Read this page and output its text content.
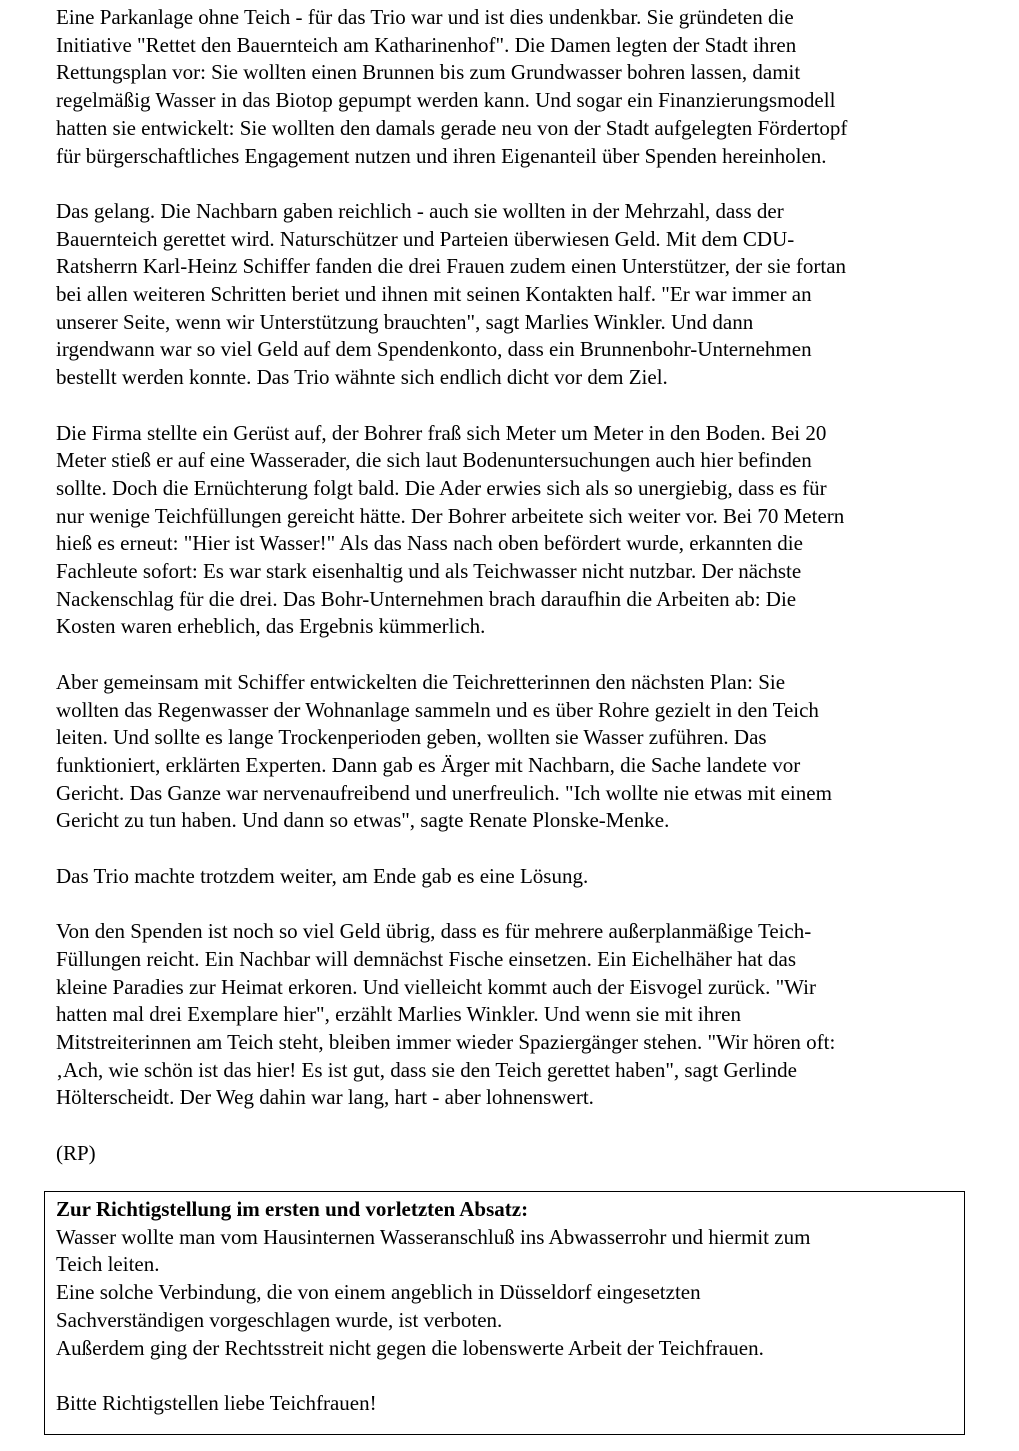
Eine Parkanlage ohne Teich - für das Trio war und ist dies undenkbar. Sie gründeten die
Initiative "Rettet den Bauernteich am Katharinenhof". Die Damen legten der Stadt ihren
Rettungsplan vor: Sie wollten einen Brunnen bis zum Grundwasser bohren lassen, damit
regelmäßig Wasser in das Biotop gepumpt werden kann. Und sogar ein Finanzierungsmodell
hatten sie entwickelt: Sie wollten den damals gerade neu von der Stadt aufgelegten Fördertopf
für bürgerschaftliches Engagement nutzen und ihren Eigenanteil über Spenden hereinholen.

Das gelang. Die Nachbarn gaben reichlich - auch sie wollten in der Mehrzahl, dass der
Bauernteich gerettet wird. Naturschützer und Parteien überwiesen Geld. Mit dem CDU-
Ratsherrn Karl-Heinz Schiffer fanden die drei Frauen zudem einen Unterstützer, der sie fortan
bei allen weiteren Schritten beriet und ihnen mit seinen Kontakten half. "Er war immer an
unserer Seite, wenn wir Unterstützung brauchten", sagt Marlies Winkler. Und dann
irgendwann war so viel Geld auf dem Spendenkonto, dass ein Brunnenbohr-Unternehmen
bestellt werden konnte. Das Trio wähnte sich endlich dicht vor dem Ziel.

Die Firma stellte ein Gerüst auf, der Bohrer fraß sich Meter um Meter in den Boden. Bei 20
Meter stieß er auf eine Wasserader, die sich laut Bodenuntersuchungen auch hier befinden
sollte. Doch die Ernüchterung folgt bald. Die Ader erwies sich als so unergiebig, dass es für
nur wenige Teichfüllungen gereicht hätte. Der Bohrer arbeitete sich weiter vor. Bei 70 Metern
hieß es erneut: "Hier ist Wasser!" Als das Nass nach oben befördert wurde, erkannten die
Fachleute sofort: Es war stark eisenhaltig und als Teichwasser nicht nutzbar. Der nächste
Nackenschlag für die drei. Das Bohr-Unternehmen brach daraufhin die Arbeiten ab: Die
Kosten waren erheblich, das Ergebnis kümmerlich.

Aber gemeinsam mit Schiffer entwickelten die Teichretterinnen den nächsten Plan: Sie
wollten das Regenwasser der Wohnanlage sammeln und es über Rohre gezielt in den Teich
leiten. Und sollte es lange Trockenperioden geben, wollten sie Wasser zuführen. Das
funktioniert, erklärten Experten. Dann gab es Ärger mit Nachbarn, die Sache landete vor
Gericht. Das Ganze war nervenaufreibend und unerfreulich. "Ich wollte nie etwas mit einem
Gericht zu tun haben. Und dann so etwas", sagte Renate Plonske-Menke.

Das Trio machte trotzdem weiter, am Ende gab es eine Lösung.

Von den Spenden ist noch so viel Geld übrig, dass es für mehrere außerplanmäßige Teich-
Füllungen reicht. Ein Nachbar will demnächst Fische einsetzen. Ein Eichelhäher hat das
kleine Paradies zur Heimat erkoren. Und vielleicht kommt auch der Eisvogel zurück. "Wir
hatten mal drei Exemplare hier", erzählt Marlies Winkler. Und wenn sie mit ihren
Mitstreiterinnen am Teich steht, bleiben immer wieder Spaziergänger stehen. "Wir hören oft:
‚Ach, wie schön ist das hier! Es ist gut, dass sie den Teich gerettet haben", sagt Gerlinde
Hölterscheidt. Der Weg dahin war lang, hart - aber lohnenswert.

(RP)

Zur Richtigstellung im ersten und vorletzten Absatz:

Wasser wollte man vom Hausinternen Wasseranschluß ins Abwasserrohr und hiermit zum
Teich leiten.
Eine solche Verbindung, die von einem angeblich in Düsseldorf eingesetzten
Sachverständigen vorgeschlagen wurde, ist verboten.
Außerdem ging der Rechtsstreit nicht gegen die lobenswerte Arbeit der Teichfrauen.

Bitte Richtigstellen liebe Teichfrauen!
